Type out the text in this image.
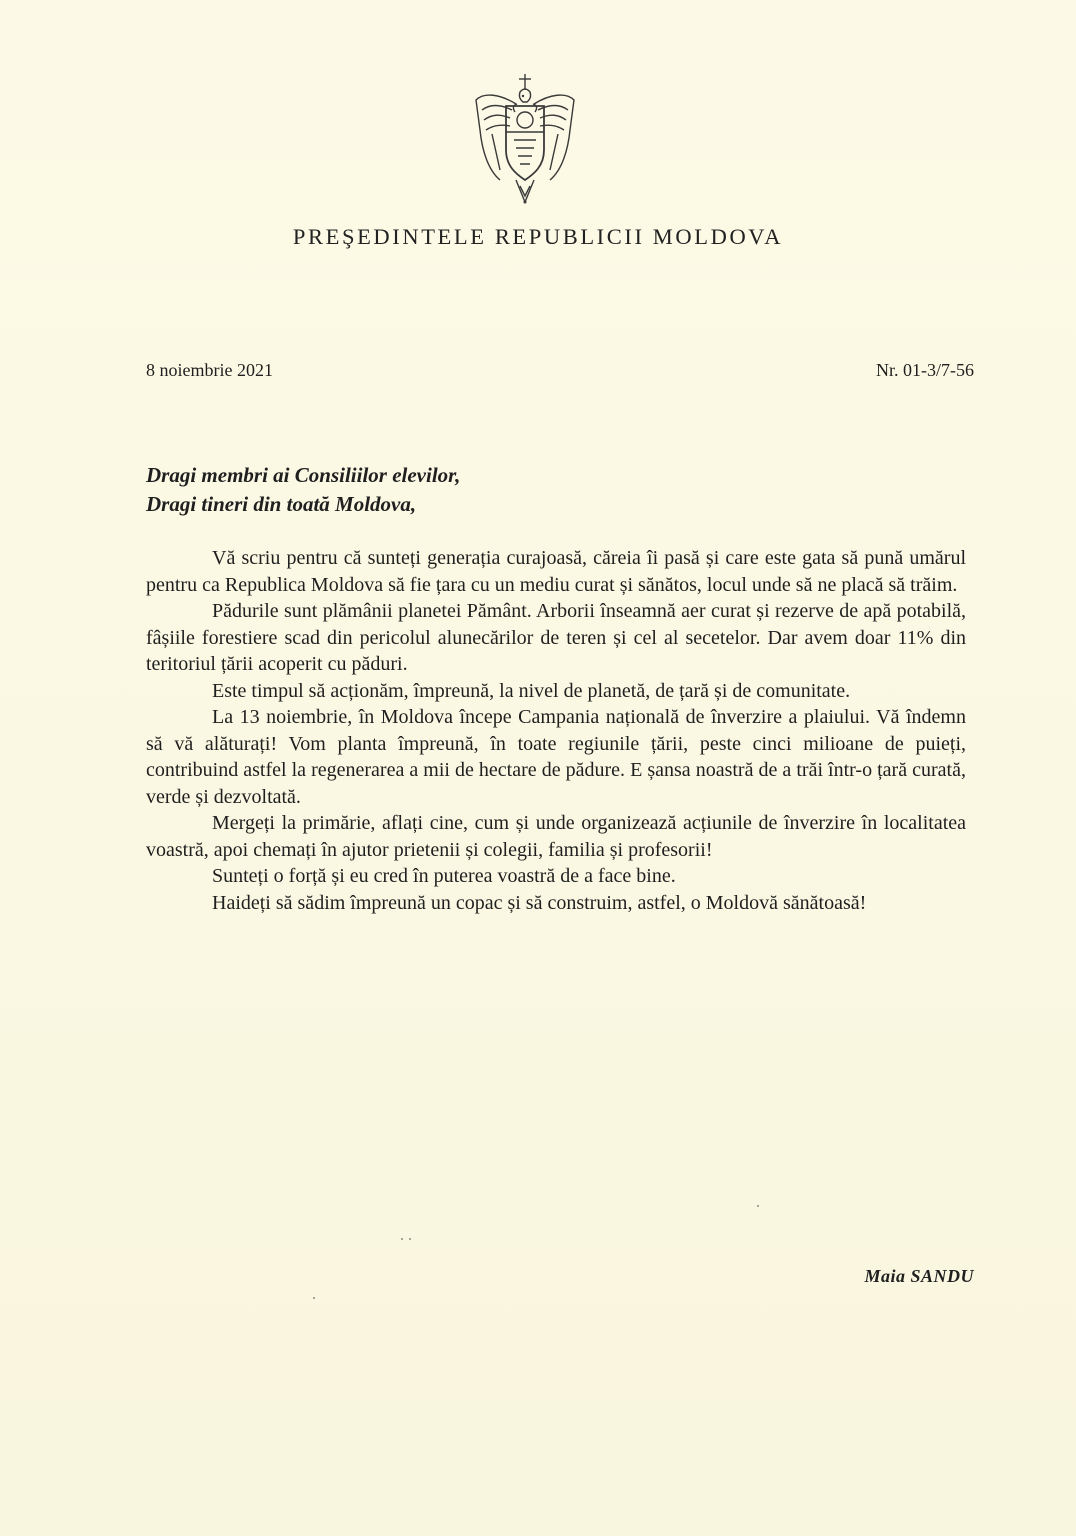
PREŞEDINTELE REPUBLICII MOLDOVA
8 noiembrie 2021	Nr. 01-3/7-56
Dragi membri ai Consiliilor elevilor,
Dragi tineri din toată Moldova,

Vă scriu pentru că sunteți generația curajoasă, căreia îi pasă și care este gata să pună umărul pentru ca Republica Moldova să fie țara cu un mediu curat și sănătos, locul unde să ne placă să trăim.

Pădurile sunt plămânii planetei Pământ. Arborii înseamnă aer curat și rezerve de apă potabilă, fâșiile forestiere scad din pericolul alunecărilor de teren și cel al secetelor. Dar avem doar 11% din teritoriul țării acoperit cu păduri.

Este timpul să acționăm, împreună, la nivel de planetă, de țară și de comunitate.

La 13 noiembrie, în Moldova începe Campania națională de înverzire a plaiului. Vă îndemn să vă alăturați! Vom planta împreună, în toate regiunile țării, peste cinci milioane de puieți, contribuind astfel la regenerarea a mii de hectare de pădure. E șansa noastră de a trăi într-o țară curată, verde și dezvoltată.

Mergeți la primărie, aflați cine, cum și unde organizează acțiunile de înverzire în localitatea voastră, apoi chemați în ajutor prietenii și colegii, familia și profesorii!

Sunteți o forță și eu cred în puterea voastră de a face bine.

Haideți să sădim împreună un copac și să construim, astfel, o Moldovă sănătoasă!

Maia SANDU
